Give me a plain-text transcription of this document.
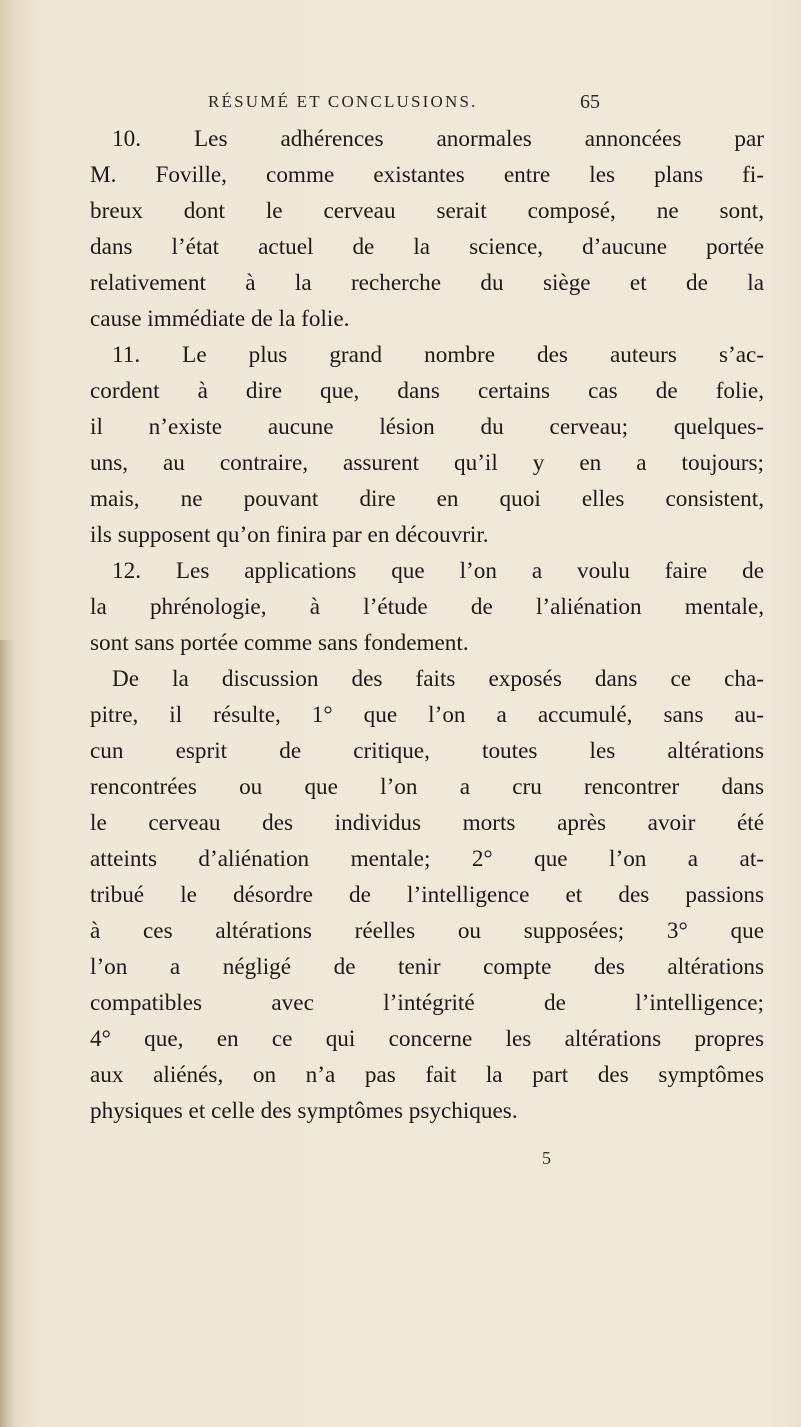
RÉSUMÉ ET CONCLUSIONS.	65
10. Les adhérences anormales annoncées par
M. Foville, comme existantes entre les plans fi-
breux dont le cerveau serait composé, ne sont,
dans l’état actuel de la science, d’aucune portée
relativement à la recherche du siège et de la
cause immédiate de la folie.
11. Le plus grand nombre des auteurs s’ac-
cordent à dire que, dans certains cas de folie,
il n’existe aucune lésion du cerveau; quelques-
uns, au contraire, assurent qu’il y en a toujours;
mais, ne pouvant dire en quoi elles consistent,
ils supposent qu’on finira par en découvrir.
12. Les applications que l’on a voulu faire de
la phrénologie, à l’étude de l’aliénation mentale,
sont sans portée comme sans fondement.
De la discussion des faits exposés dans ce cha-
pitre, il résulte, 1° que l’on a accumulé, sans au-
cun esprit de critique, toutes les altérations
rencontrées ou que l’on a cru rencontrer dans
le cerveau des individus morts après avoir été
atteints d’aliénation mentale; 2° que l’on a at-
tribué le désordre de l’intelligence et des passions
à ces altérations réelles ou supposées; 3° que
l’on a négligé de tenir compte des altérations
compatibles avec l’intégrité de l’intelligence;
4° que, en ce qui concerne les altérations propres
aux aliénés, on n’a pas fait la part des symptômes
physiques et celle des symptômes psychiques.
5
